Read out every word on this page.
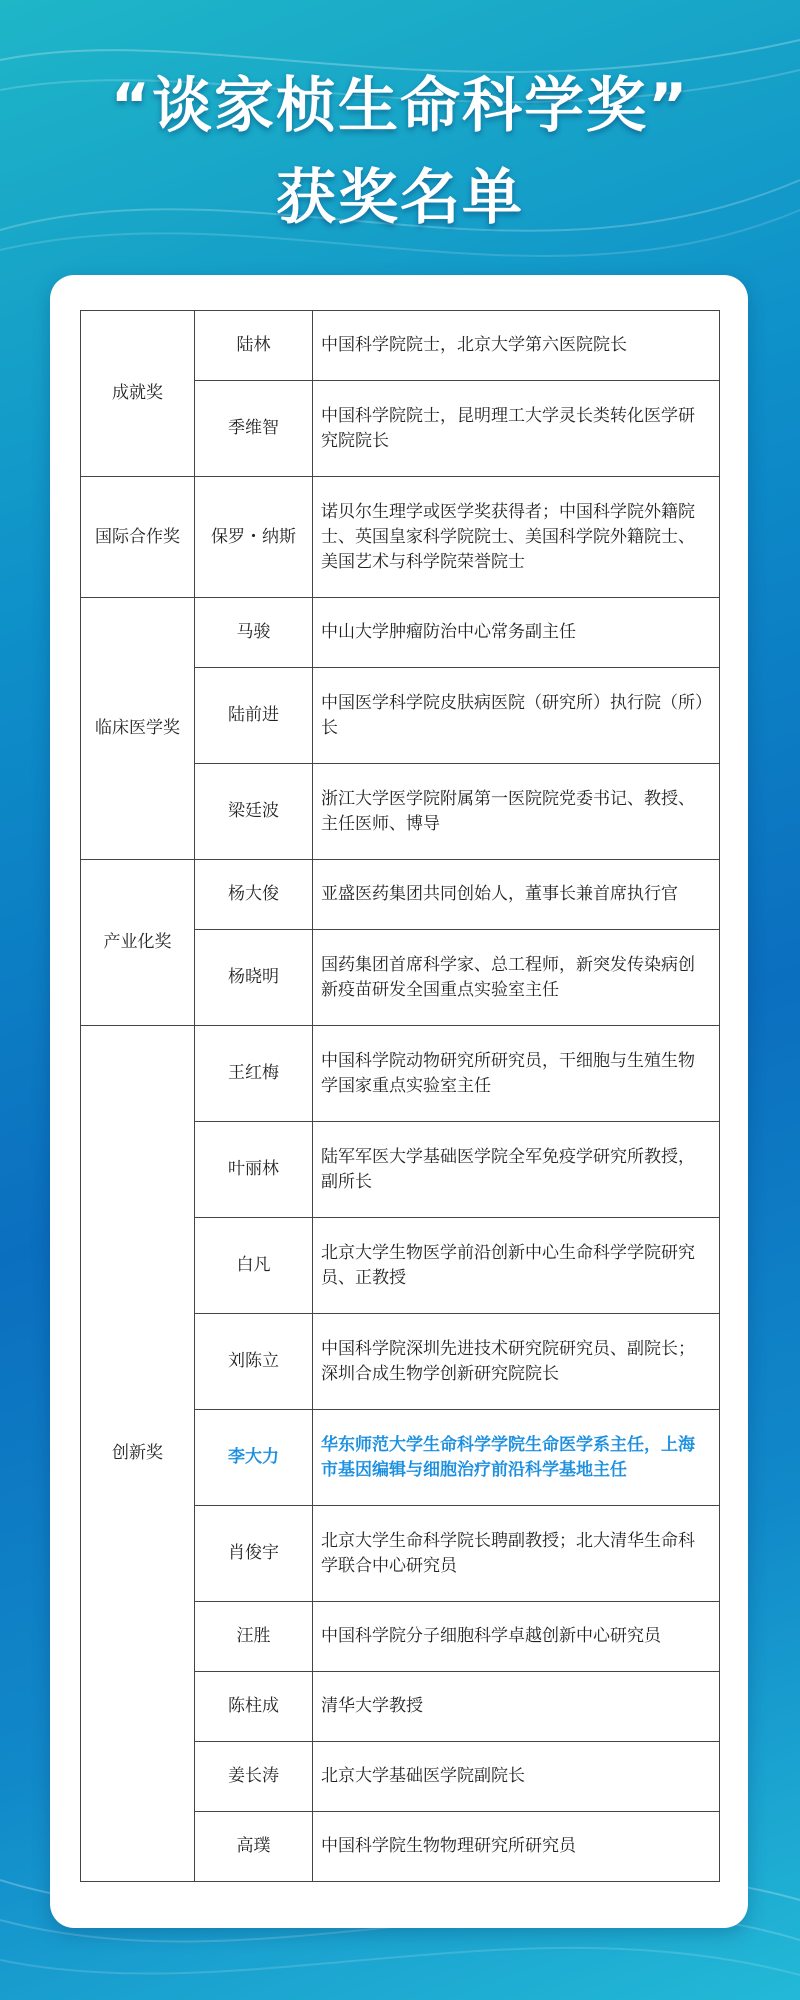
“谈家桢生命科学奖”
获奖名单
成就奖	陆林	中国科学院院士，北京大学第六医院院长
	季维智	中国科学院院士，昆明理工大学灵长类转化医学研究院院长
国际合作奖	保罗・纳斯	诺贝尔生理学或医学奖获得者；中国科学院外籍院士、英国皇家科学院院士、美国科学院外籍院士、美国艺术与科学院荣誉院士
临床医学奖	马骏	中山大学肿瘤防治中心常务副主任
	陆前进	中国医学科学院皮肤病医院（研究所）执行院（所）长
	梁廷波	浙江大学医学院附属第一医院院党委书记、教授、主任医师、博导
产业化奖	杨大俊	亚盛医药集团共同创始人，董事长兼首席执行官
	杨晓明	国药集团首席科学家、总工程师，新突发传染病创新疫苗研发全国重点实验室主任
创新奖	王红梅	中国科学院动物研究所研究员，干细胞与生殖生物学国家重点实验室主任
	叶丽林	陆军军医大学基础医学院全军免疫学研究所教授，副所长
	白凡	北京大学生物医学前沿创新中心生命科学学院研究员、正教授
	刘陈立	中国科学院深圳先进技术研究院研究员、副院长；深圳合成生物学创新研究院院长
	李大力	华东师范大学生命科学学院生命医学系主任，上海市基因编辑与细胞治疗前沿科学基地主任
	肖俊宇	北京大学生命科学院长聘副教授；北大清华生命科学联合中心研究员
	汪胜	中国科学院分子细胞科学卓越创新中心研究员
	陈柱成	清华大学教授
	姜长涛	北京大学基础医学院副院长
	高璞	中国科学院生物物理研究所研究员
